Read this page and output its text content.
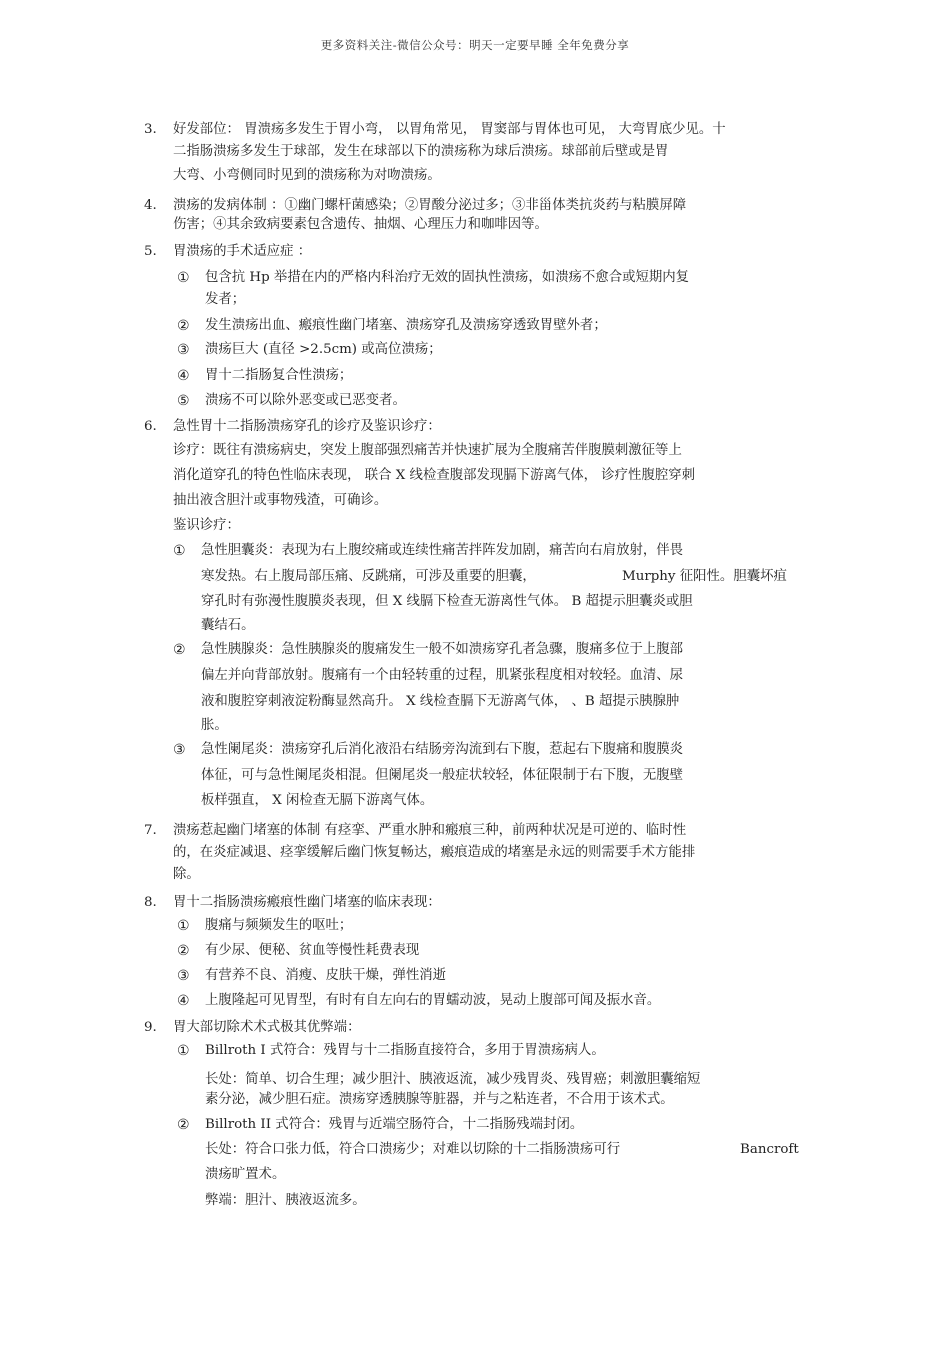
更多资料关注-微信公众号：明天一定要早睡 全年免费分享
3. 好发部位： 胃溃疡多发生于胃小弯， 以胃角常见， 胃窦部与胃体也可见， 大弯胃底少见。十
二指肠溃疡多发生于球部，发生在球部以下的溃疡称为球后溃疡。球部前后壁或是胃
大弯、小弯侧同时见到的溃疡称为对吻溃疡。
4. 溃疡的发病体制 ：①幽门螺杆菌感染；②胃酸分泌过多；③非甾体类抗炎药与粘膜屏障
伤害；④其余致病要素包含遗传、抽烟、心理压力和咖啡因等。
5. 胃溃疡的手术适应症 ：
① 包含抗 Hp 举措在内的严格内科治疗无效的固执性溃疡，如溃疡不愈合或短期内复
发者；
② 发生溃疡出血、瘢痕性幽门堵塞、溃疡穿孔及溃疡穿透致胃壁外者；
③ 溃疡巨大 (直径 >2.5cm) 或高位溃疡；
④ 胃十二指肠复合性溃疡；
⑤ 溃疡不可以除外恶变或已恶变者。
6. 急性胃十二指肠溃疡穿孔的诊疗及鉴识诊疗：
诊疗：既往有溃疡病史，突发上腹部强烈痛苦并快速扩展为全腹痛苦伴腹膜刺激征等上
消化道穿孔的特色性临床表现， 联合 X 线检查腹部发现膈下游离气体， 诊疗性腹腔穿刺
抽出液含胆汁或事物残渣，可确诊。
鉴识诊疗：
① 急性胆囊炎：表现为右上腹绞痛或连续性痛苦拌阵发加剧，痛苦向右肩放射，伴畏
寒发热。右上腹局部压痛、反跳痛，可涉及重要的胆囊，	Murphy 征阳性。胆囊坏疽
穿孔时有弥漫性腹膜炎表现，但 X 线膈下检查无游离性气体。 B 超提示胆囊炎或胆
囊结石。
② 急性胰腺炎：急性胰腺炎的腹痛发生一般不如溃疡穿孔者急骤，腹痛多位于上腹部
偏左并向背部放射。腹痛有一个由轻转重的过程，肌紧张程度相对较轻。血清、尿
液和腹腔穿刺液淀粉酶显然高升。 X 线检查膈下无游离气体， 、B 超提示胰腺肿
胀。
③ 急性阑尾炎：溃疡穿孔后消化液沿右结肠旁沟流到右下腹，惹起右下腹痛和腹膜炎
体征，可与急性阑尾炎相混。但阑尾炎一般症状较轻，体征限制于右下腹，无腹壁
板样强直， X 闲检查无膈下游离气体。
7. 溃疡惹起幽门堵塞的体制 有痉挛、严重水肿和瘢痕三种，前两种状况是可逆的、临时性
的，在炎症减退、痉挛缓解后幽门恢复畅达，瘢痕造成的堵塞是永远的则需要手术方能排
除。
8. 胃十二指肠溃疡瘢痕性幽门堵塞的临床表现：
① 腹痛与频频发生的呕吐；
② 有少尿、便秘、贫血等慢性耗费表现
③ 有营养不良、消瘦、皮肤干燥，弹性消逝
④ 上腹隆起可见胃型，有时有自左向右的胃蠕动波，晃动上腹部可闻及振水音。
9. 胃大部切除术术式极其优弊端：
① Billroth I 式符合：残胃与十二指肠直接符合，多用于胃溃疡病人。
长处：简单、切合生理；减少胆汁、胰液返流，减少残胃炎、残胃癌；刺激胆囊缩短
素分泌，减少胆石症。溃疡穿透胰腺等脏器，并与之粘连者，不合用于该术式。
② Billroth II 式符合：残胃与近端空肠符合，十二指肠残端封闭。
长处：符合口张力低，符合口溃疡少；对难以切除的十二指肠溃疡可行	Bancroft
溃疡旷置术。
弊端：胆汁、胰液返流多。
